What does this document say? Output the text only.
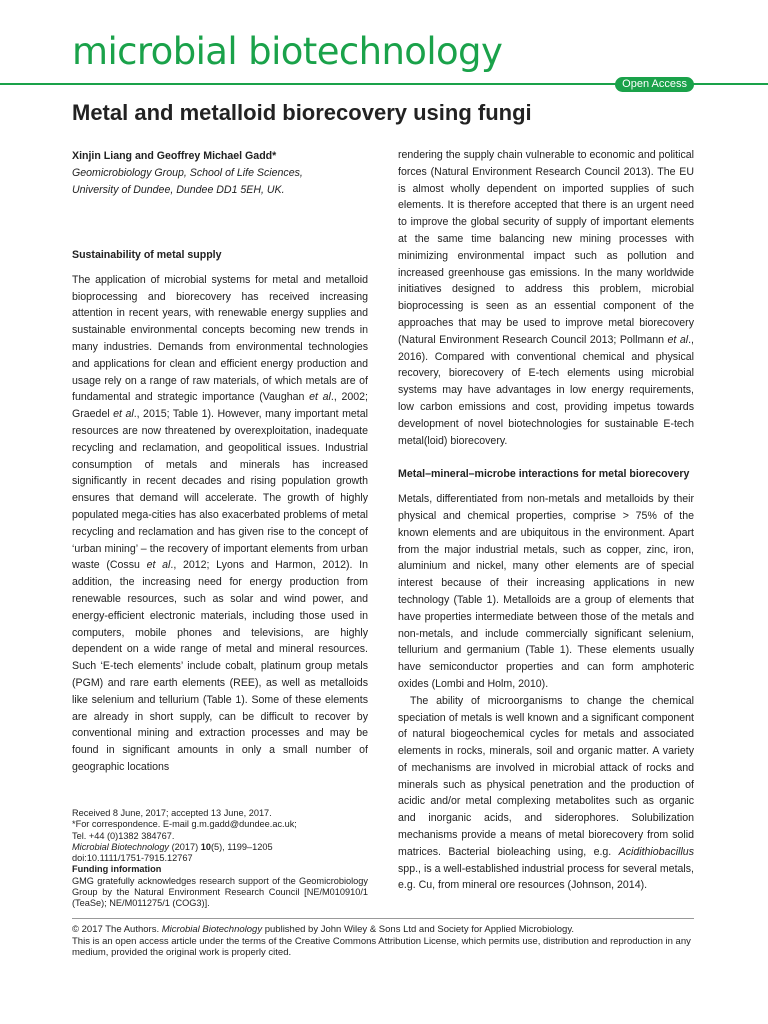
microbial biotechnology
Open Access
Metal and metalloid biorecovery using fungi
Xinjin Liang and Geoffrey Michael Gadd*
Geomicrobiology Group, School of Life Sciences,
University of Dundee, Dundee DD1 5EH, UK.
Sustainability of metal supply

The application of microbial systems for metal and metalloid bioprocessing and biorecovery has received increasing attention in recent years, with renewable energy supplies and sustainable environmental concepts becoming new trends in many industries. Demands from environmental technologies and applications for clean and efficient energy production and usage rely on a range of raw materials, of which metals are of fundamental and strategic importance (Vaughan et al., 2002; Graedel et al., 2015; Table 1). However, many important metal resources are now threatened by overexploitation, inadequate recycling and reclamation, and geopolitical issues. Industrial consumption of metals and minerals has increased significantly in recent decades and rising population growth ensures that demand will accelerate. The growth of highly populated mega-cities has also exacerbated problems of metal recycling and reclamation and has given rise to the concept of ‘urban mining’ – the recovery of important elements from urban waste (Cossu et al., 2012; Lyons and Harmon, 2012). In addition, the increasing need for energy production from renewable resources, such as solar and wind power, and energy-efficient electronic materials, including those used in computers, mobile phones and televisions, are highly dependent on a wide range of metal and mineral resources. Such ‘E-tech elements’ include cobalt, platinum group metals (PGM) and rare earth elements (REE), as well as metalloids like selenium and tellurium (Table 1). Some of these elements are already in short supply, can be difficult to recover by conventional mining and extraction processes and may be found in significant amounts in only a small number of geographic locations

Received 8 June, 2017; accepted 13 June, 2017.
*For correspondence. E-mail g.m.gadd@dundee.ac.uk;
Tel. +44 (0)1382 384767.
Microbial Biotechnology (2017) 10(5), 1199–1205
doi:10.1111/1751-7915.12767
Funding information
GMG gratefully acknowledges research support of the Geomicrobiology Group by the Natural Environment Research Council [NE/M010910/1 (TeaSe); NE/M011275/1 (COG3)].

rendering the supply chain vulnerable to economic and political forces (Natural Environment Research Council 2013). The EU is almost wholly dependent on imported supplies of such elements. It is therefore accepted that there is an urgent need to improve the global security of supply of important elements at the same time balancing new mining processes with minimizing environmental impact such as pollution and increased greenhouse gas emissions. In the many worldwide initiatives designed to address this problem, microbial bioprocessing is seen as an essential component of the approaches that may be used to improve metal biorecovery (Natural Environment Research Council 2013; Pollmann et al., 2016). Compared with conventional chemical and physical recovery, biorecovery of E-tech elements using microbial systems may have advantages in low energy requirements, low carbon emissions and cost, providing impetus towards development of novel biotechnologies for sustainable E-tech metal(loid) biorecovery.

Metal–mineral–microbe interactions for metal biorecovery

Metals, differentiated from non-metals and metalloids by their physical and chemical properties, comprise > 75% of the known elements and are ubiquitous in the environment. Apart from the major industrial metals, such as copper, zinc, iron, aluminium and nickel, many other elements are of special interest because of their increasing applications in new technology (Table 1). Metalloids are a group of elements that have properties intermediate between those of the metals and non-metals, and include commercially significant selenium, tellurium and germanium (Table 1). These elements usually have semiconductor properties and can form amphoteric oxides (Lombi and Holm, 2010).

The ability of microorganisms to change the chemical speciation of metals is well known and a significant component of natural biogeochemical cycles for metals and associated elements in rocks, minerals, soil and organic matter. A variety of mechanisms are involved in microbial attack of rocks and minerals such as physical penetration and the production of acidic and/or metal complexing metabolites such as organic and inorganic acids, and siderophores. Solubilization mechanisms provide a means of metal biorecovery from solid matrices. Bacterial bioleaching using, e.g. Acidithiobacillus spp., is a well-established industrial process for several metals, e.g. Cu, from mineral ore resources (Johnson, 2014).

© 2017 The Authors. Microbial Biotechnology published by John Wiley & Sons Ltd and Society for Applied Microbiology.
This is an open access article under the terms of the Creative Commons Attribution License, which permits use, distribution and reproduction in any medium, provided the original work is properly cited.
